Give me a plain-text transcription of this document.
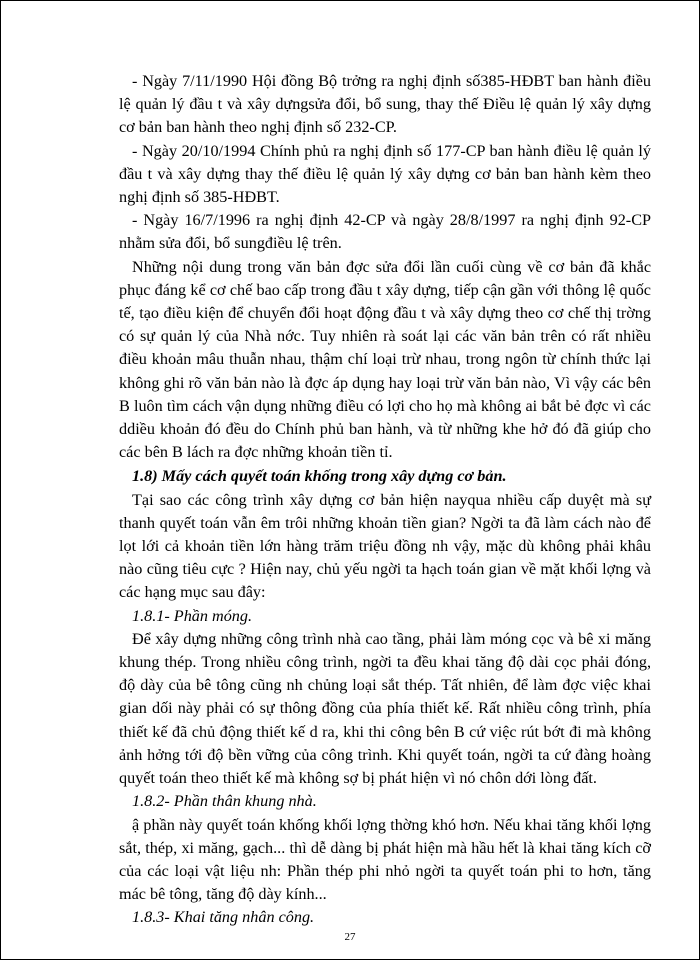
- Ngày 7/11/1990 Hội đồng Bộ trởng ra nghị định số385-HĐBT ban hành điều lệ quản lý đầu t và xây dựngsửa đổi, bổ sung, thay thế Điều lệ quản lý xây dựng cơ bản ban hành theo nghị định số 232-CP.

- Ngày 20/10/1994 Chính phủ ra nghị định số 177-CP ban hành điều lệ quản lý đầu t và xây dựng thay thế điều lệ quản lý xây dựng cơ bản ban hành kèm theo nghị định số 385-HĐBT.

- Ngày 16/7/1996 ra nghị định 42-CP và ngày 28/8/1997 ra nghị định 92-CP nhằm sửa đổi, bổ sungđiều lệ trên.

Những nội dung trong văn bản đợc sửa đổi lần cuối cùng về cơ bản đã khắc phục đáng kể cơ chế bao cấp trong đầu t xây dựng, tiếp cận gần với thông lệ quốc tế, tạo điều kiện để chuyển đổi hoạt động đầu t và xây dựng theo cơ chế thị trờng có sự quản lý của Nhà nớc. Tuy nhiên rà soát lại các văn bản trên có rất nhiều điều khoản mâu thuẫn nhau, thậm chí loại trừ nhau, trong ngôn từ chính thức lại không ghi rõ văn bản nào là đợc áp dụng hay loại trừ văn bản nào, Vì vậy các bên B luôn tìm cách vận dụng những điều có lợi cho họ mà không ai bắt bẻ đợc vì các ddiều khoản đó đều do Chính phủ ban hành, và từ những khe hở đó đã giúp cho các bên B lách ra đợc những khoản tiền tỉ.

1.8) Mấy cách quyết toán khống trong xây dựng cơ bản.

Tại sao các công trình xây dựng cơ bản hiện nayqua nhiều cấp duyệt mà sự thanh quyết toán vẫn êm trôi những khoản tiền gian? Ngời ta đã làm cách nào để lọt lới cả khoản tiền lớn hàng trăm triệu đồng nh vậy, mặc dù không phải khâu nào cũng tiêu cực ? Hiện nay, chủ yếu ngời ta hạch toán gian về mặt khối lợng và các hạng mục sau đây:

1.8.1- Phần móng.

Để xây dựng những công trình nhà cao tầng, phải làm móng cọc và bê xi măng khung thép. Trong nhiều công trình, ngời ta đều khai tăng độ dài cọc phải đóng, độ dày của bê tông cũng nh chủng loại sắt thép. Tất nhiên, để làm đợc việc khai gian dối này phải có sự thông đồng của phía thiết kế. Rất nhiều công trình, phía thiết kế đã chủ động thiết kế d ra, khi thi công bên B cứ việc rút bớt đi mà không ảnh hởng tới độ bền vững của công trình. Khi quyết toán, ngời ta cứ đàng hoàng quyết toán theo thiết kế mà không sợ bị phát hiện vì nó chôn dới lòng đất.

1.8.2- Phần thân khung nhà.

ậ phần này quyết toán khống khối lợng thờng khó hơn. Nếu khai tăng khối lợng sắt, thép, xi măng, gạch... thì dễ dàng bị phát hiện mà hầu hết là khai tăng kích cỡ của các loại vật liệu nh: Phần thép phi nhỏ ngời ta quyết toán phi to hơn, tăng mác bê tông, tăng độ dày kính...

1.8.3- Khai tăng nhân công.

27
